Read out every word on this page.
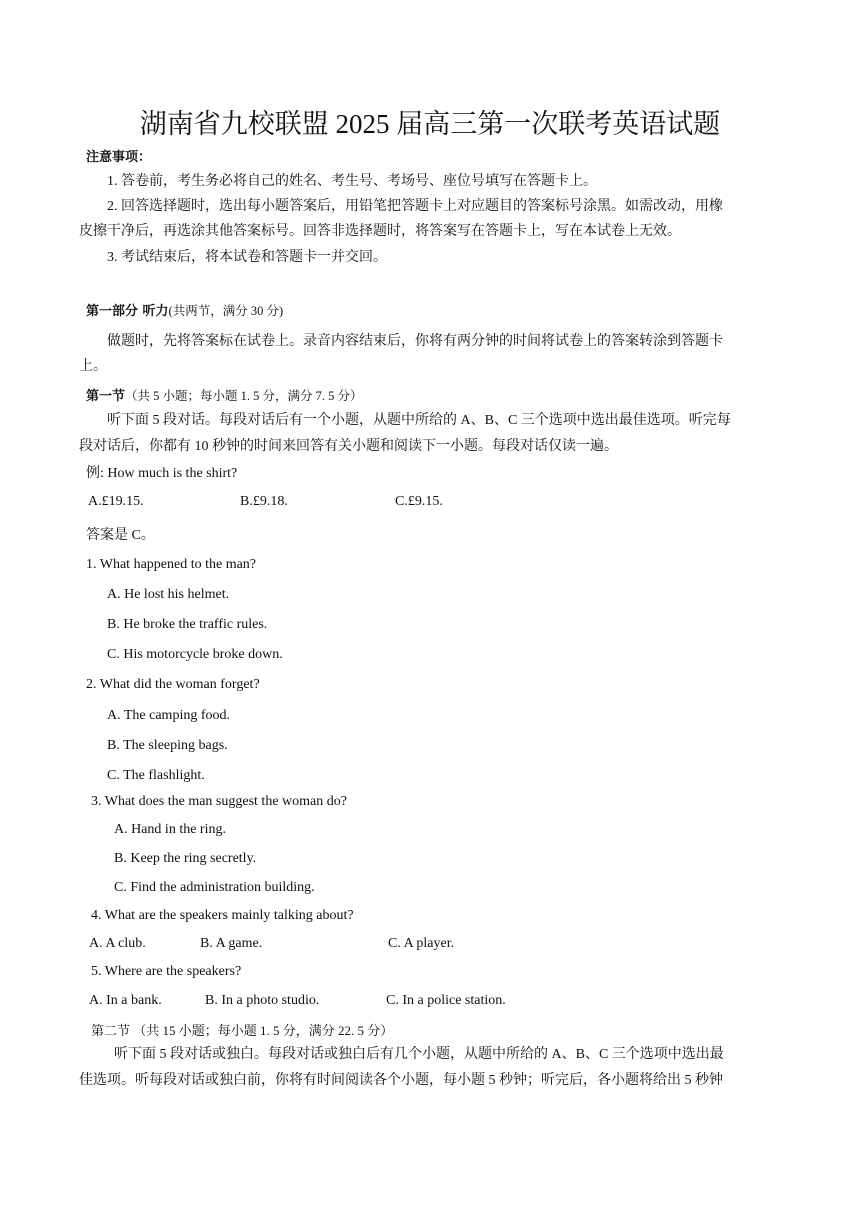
湖南省九校联盟 2025 届高三第一次联考英语试题
注意事项：
1. 答卷前，考生务必将自己的姓名、考生号、考场号、座位号填写在答题卡上。
2. 回答选择题时，选出每小题答案后，用铅笔把答题卡上对应题目的答案标号涂黑。如需改动，用橡
皮擦干净后，再选涂其他答案标号。回答非选择题时，将答案写在答题卡上，写在本试卷上无效。
3. 考试结束后，将本试卷和答题卡一并交回。
第一部分 听力(共两节，满分 30 分)
做题时，先将答案标在试卷上。录音内容结束后，你将有两分钟的时间将试卷上的答案转涂到答题卡
上。
第一节（共 5 小题；每小题 1. 5 分，满分 7. 5 分）
听下面 5 段对话。每段对话后有一个小题，从题中所给的 A、B、C 三个选项中选出最佳选项。听完每
段对话后，你都有 10 秒钟的时间来回答有关小题和阅读下一小题。每段对话仅读一遍。
例: How much is the shirt?
A.£19.15.	B.£9.18.	C.£9.15.
答案是 C。
1. What happened to the man?
A. He lost his helmet.
B. He broke the traffic rules.
C. His motorcycle broke down.
2. What did the woman forget?
A. The camping food.
B. The sleeping bags.
C. The flashlight.
3. What does the man suggest the woman do?
A. Hand in the ring.
B. Keep the ring secretly.
C. Find the administration building.
4. What are the speakers mainly talking about?
A. A club.	B. A game.	C. A player.
5. Where are the speakers?
A. In a bank.	B. In a photo studio.	C. In a police station.
第二节 （共 15 小题；每小题 1. 5 分，满分 22. 5 分）
听下面 5 段对话或独白。每段对话或独白后有几个小题，从题中所给的 A、B、C 三个选项中选出最
佳选项。听每段对话或独白前，你将有时间阅读各个小题，每小题 5 秒钟；听完后，各小题将给出 5 秒钟
